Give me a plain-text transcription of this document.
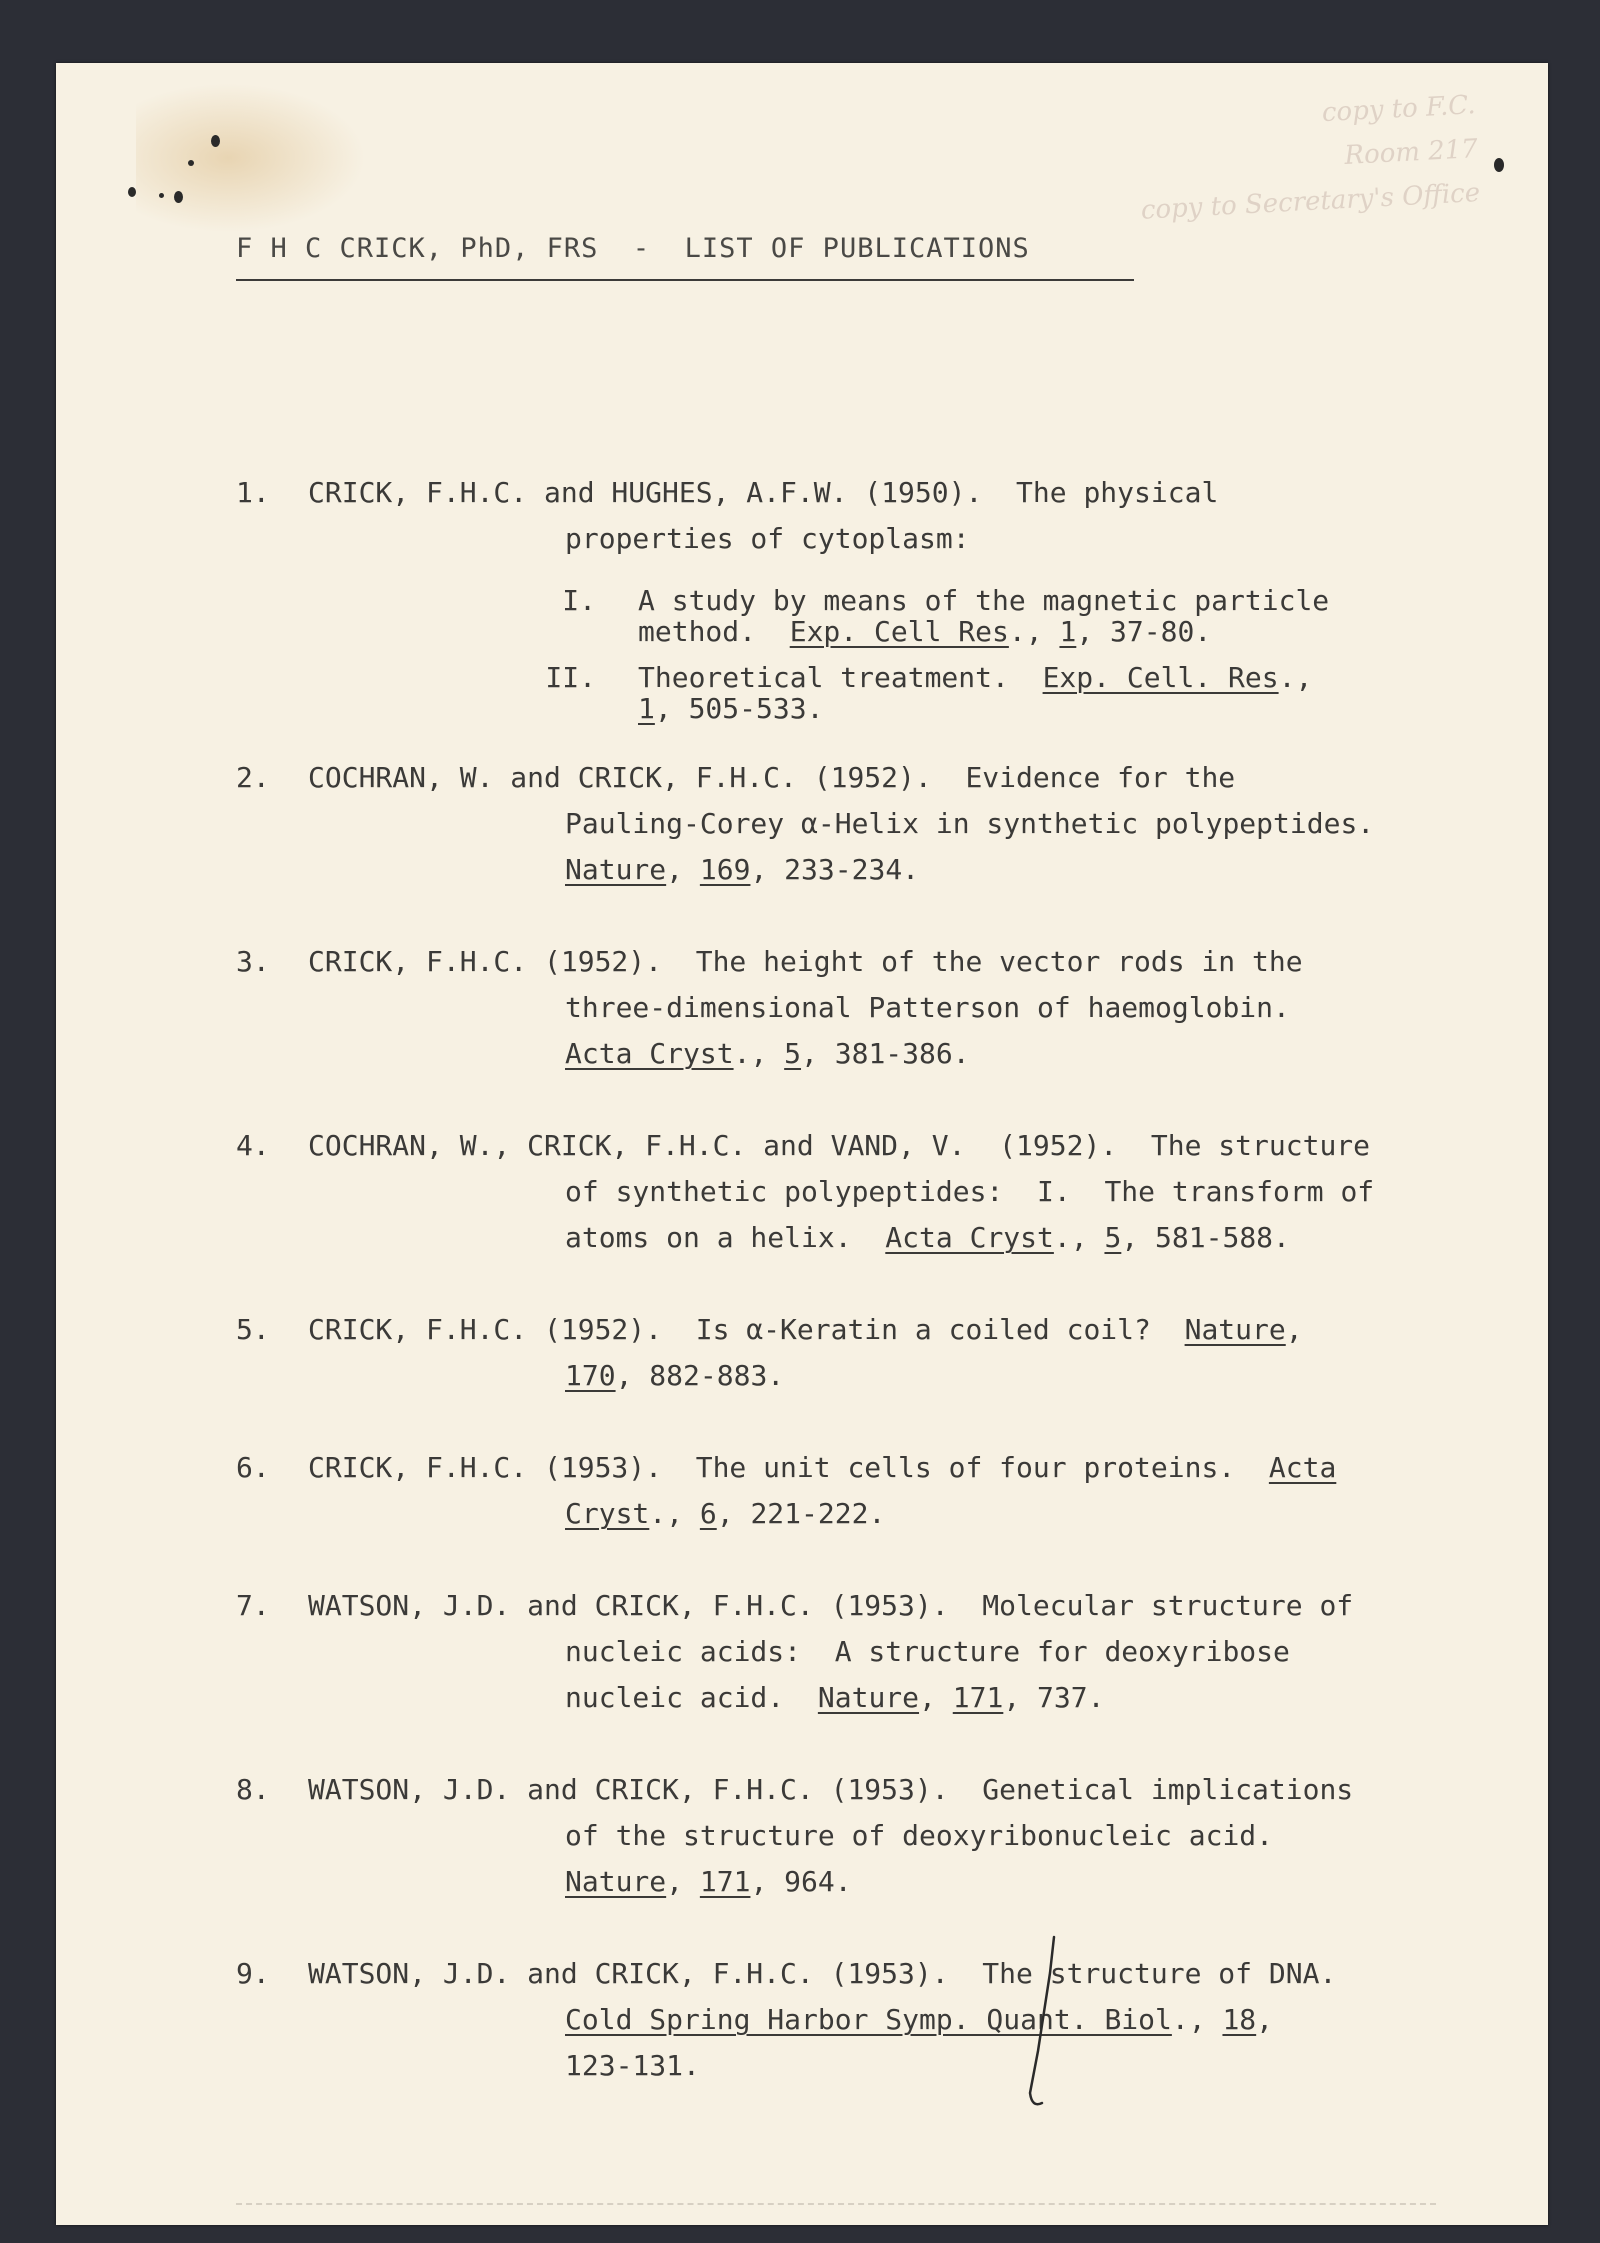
copy to F.C.
Room 217
copy to Secretary's Office
F H C CRICK, PhD, FRS  -  LIST OF PUBLICATIONS

1.

CRICK, F.H.C. and HUGHES, A.F.W. (1950).  The physical

properties of cytoplasm:

I.

A study by means of the magnetic particle

method.  Exp. Cell Res., 1, 37-80.

II.

Theoretical treatment.  Exp. Cell. Res.,

1, 505-533.

2.

COCHRAN, W. and CRICK, F.H.C. (1952).  Evidence for the

Pauling-Corey α-Helix in synthetic polypeptides.

Nature, 169, 233-234.

3.

CRICK, F.H.C. (1952).  The height of the vector rods in the

three-dimensional Patterson of haemoglobin.

Acta Cryst., 5, 381-386.

4.

COCHRAN, W., CRICK, F.H.C. and VAND, V.  (1952).  The structure

of synthetic polypeptides:  I.  The transform of

atoms on a helix.  Acta Cryst., 5, 581-588.

5.

CRICK, F.H.C. (1952).  Is α-Keratin a coiled coil?  Nature,

170, 882-883.

6.

CRICK, F.H.C. (1953).  The unit cells of four proteins.  Acta

Cryst., 6, 221-222.

7.

WATSON, J.D. and CRICK, F.H.C. (1953).  Molecular structure of

nucleic acids:  A structure for deoxyribose

nucleic acid.  Nature, 171, 737.

8.

WATSON, J.D. and CRICK, F.H.C. (1953).  Genetical implications

of the structure of deoxyribonucleic acid.

Nature, 171, 964.

9.

WATSON, J.D. and CRICK, F.H.C. (1953).  The structure of DNA.

Cold Spring Harbor Symp. Quant. Biol., 18,

123-131.
